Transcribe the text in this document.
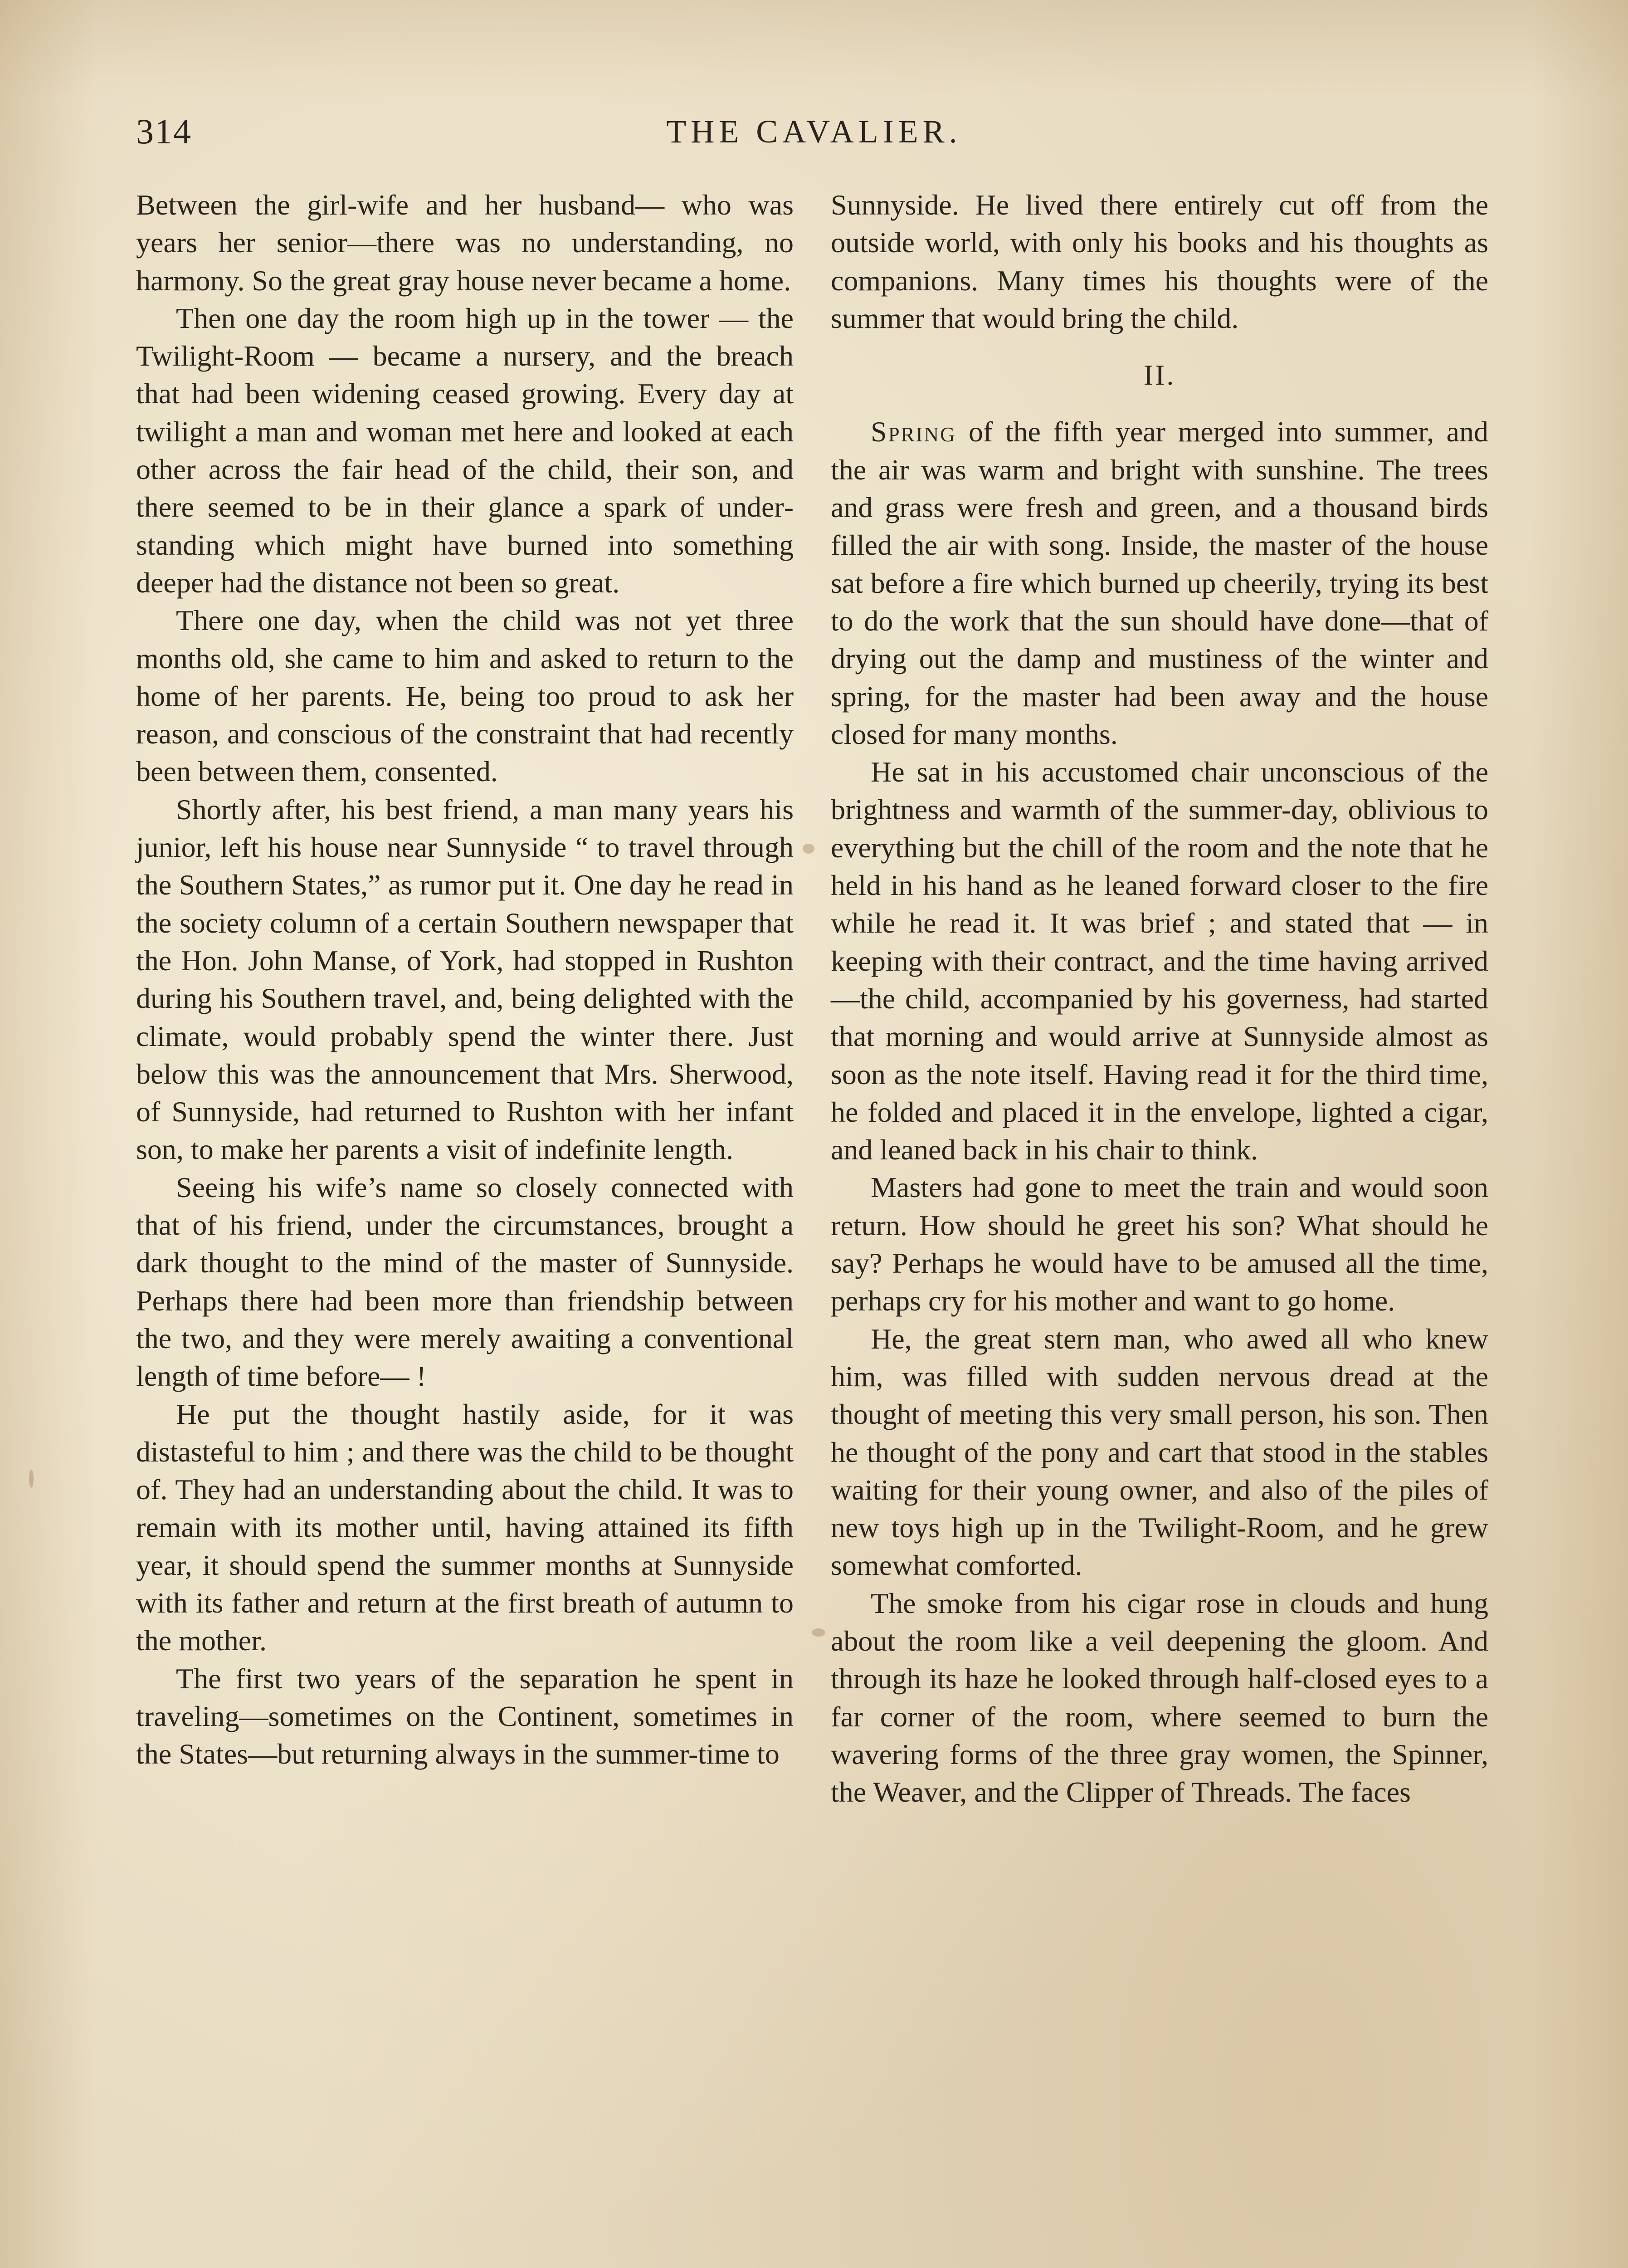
314	THE CAVALIER.

Between the girl-wife and her husband— who was years her senior—there was no understanding, no harmony. So the great gray house never became a home.

Then one day the room high up in the tower — the Twilight-Room — became a nursery, and the breach that had been widening ceased growing. Every day at twilight a man and woman met here and looked at each other across the fair head of the child, their son, and there seemed to be in their glance a spark of understanding which might have burned into something deeper had the distance not been so great.

There one day, when the child was not yet three months old, she came to him and asked to return to the home of her parents. He, being too proud to ask her reason, and conscious of the constraint that had recently been between them, consented.

Shortly after, his best friend, a man many years his junior, left his house near Sunnyside “ to travel through the Southern States,” as rumor put it. One day he read in the society column of a certain Southern newspaper that the Hon. John Manse, of York, had stopped in Rushton during his Southern travel, and, being delighted with the climate, would probably spend the winter there. Just below this was the announcement that Mrs. Sherwood, of Sunnyside, had returned to Rushton with her infant son, to make her parents a visit of indefinite length.

Seeing his wife’s name so closely connected with that of his friend, under the circumstances, brought a dark thought to the mind of the master of Sunnyside. Perhaps there had been more than friendship between the two, and they were merely awaiting a conventional length of time before— !

He put the thought hastily aside, for it was distasteful to him ; and there was the child to be thought of. They had an understanding about the child. It was to remain with its mother until, having attained its fifth year, it should spend the summer months at Sunnyside with its father and return at the first breath of autumn to the mother.

The first two years of the separation he spent in traveling—sometimes on the Continent, sometimes in the States—but returning always in the summer-time to

Sunnyside. He lived there entirely cut off from the outside world, with only his books and his thoughts as companions. Many times his thoughts were of the summer that would bring the child.

II.

Spring of the fifth year merged into summer, and the air was warm and bright with sunshine. The trees and grass were fresh and green, and a thousand birds filled the air with song. Inside, the master of the house sat before a fire which burned up cheerily, trying its best to do the work that the sun should have done—that of drying out the damp and mustiness of the winter and spring, for the master had been away and the house closed for many months.

He sat in his accustomed chair unconscious of the brightness and warmth of the summer-day, oblivious to everything but the chill of the room and the note that he held in his hand as he leaned forward closer to the fire while he read it. It was brief ; and stated that — in keeping with their contract, and the time having arrived—the child, accompanied by his governess, had started that morning and would arrive at Sunnyside almost as soon as the note itself. Having read it for the third time, he folded and placed it in the envelope, lighted a cigar, and leaned back in his chair to think.

Masters had gone to meet the train and would soon return. How should he greet his son? What should he say? Perhaps he would have to be amused all the time, perhaps cry for his mother and want to go home.

He, the great stern man, who awed all who knew him, was filled with sudden nervous dread at the thought of meeting this very small person, his son. Then he thought of the pony and cart that stood in the stables waiting for their young owner, and also of the piles of new toys high up in the Twilight-Room, and he grew somewhat comforted.

The smoke from his cigar rose in clouds and hung about the room like a veil deepening the gloom. And through its haze he looked through half-closed eyes to a far corner of the room, where seemed to burn the wavering forms of the three gray women, the Spinner, the Weaver, and the Clipper of Threads. The faces
